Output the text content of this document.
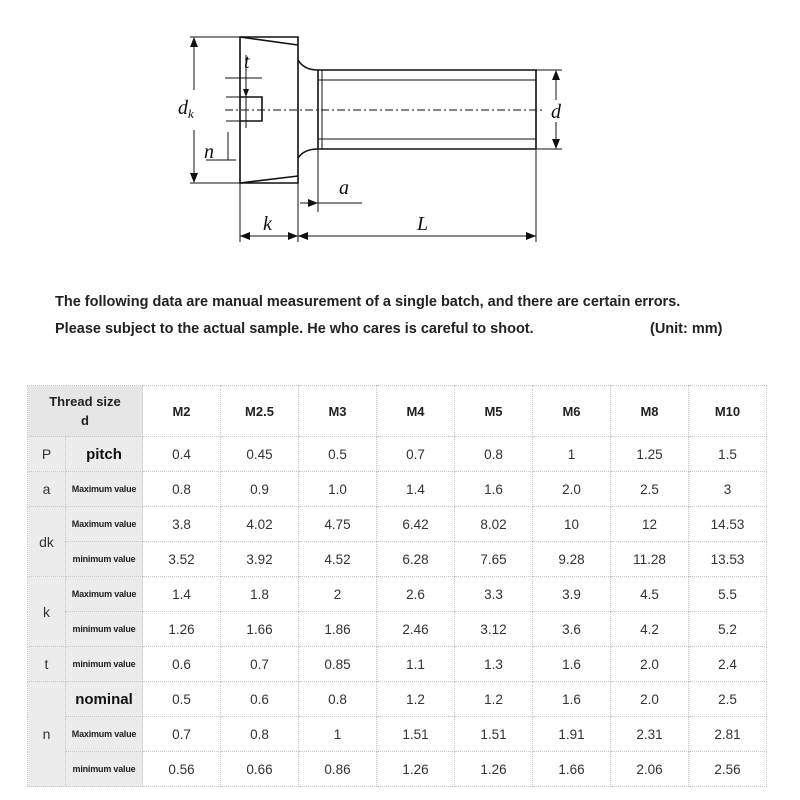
t
$d_k$
n
a
k	L
d
The following data are manual measurement of a single batch, and there are certain errors.
Please subject to the actual sample. He who cares is careful to shoot.	(Unit: mm)
Thread size
d		M2	M2.5	M3	M4	M5	M6	M8	M10
P	pitch	0.4	0.45	0.5	0.7	0.8	1	1.25	1.5
a	Maximum value	0.8	0.9	1.0	1.4	1.6	2.0	2.5	3
dk	Maximum value	3.8	4.02	4.75	6.42	8.02	10	12	14.53
	minimum value	3.52	3.92	4.52	6.28	7.65	9.28	11.28	13.53
k	Maximum value	1.4	1.8	2	2.6	3.3	3.9	4.5	5.5
	minimum value	1.26	1.66	1.86	2.46	3.12	3.6	4.2	5.2
t	minimum value	0.6	0.7	0.85	1.1	1.3	1.6	2.0	2.4
n	nominal	0.5	0.6	0.8	1.2	1.2	1.6	2.0	2.5
	Maximum value	0.7	0.8	1	1.51	1.51	1.91	2.31	2.81
	minimum value	0.56	0.66	0.86	1.26	1.26	1.66	2.06	2.56
